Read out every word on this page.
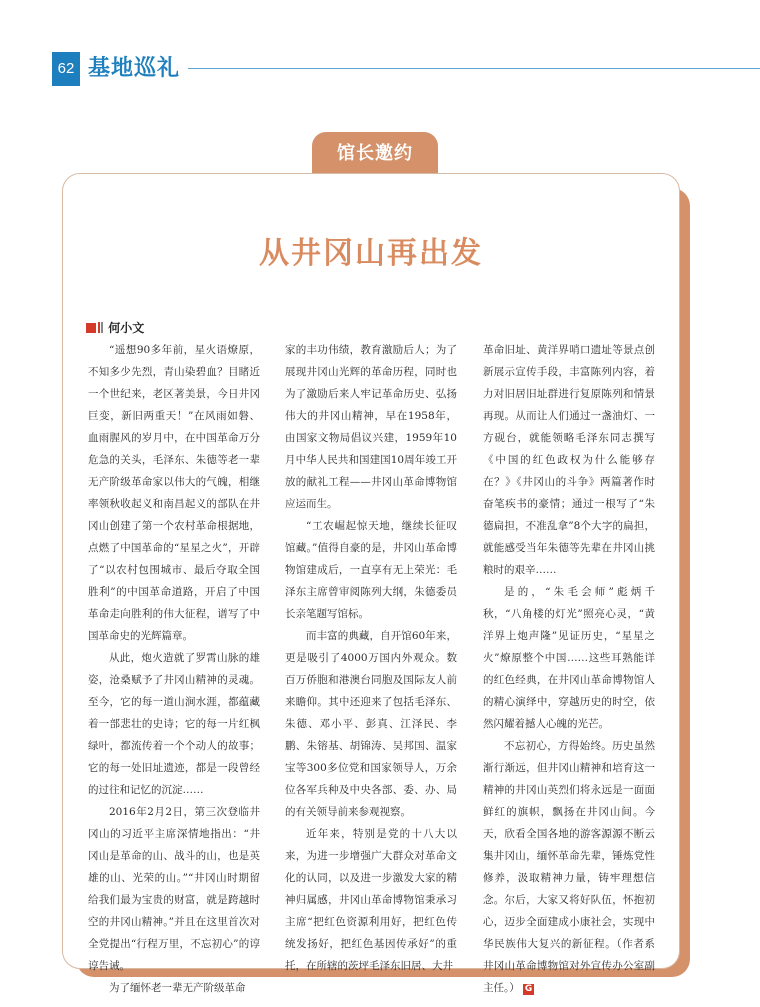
62 基地巡礼
馆长邀约
从井冈山再出发
何小文

“遥想90多年前，星火语燎原，不知多少先烈，青山染碧血？目睹近一个世纪来，老区著美景，今日井冈巨变，新旧两重天！”在风雨如磐、血雨腥风的岁月中，在中国革命万分危急的关头，毛泽东、朱德等老一辈无产阶级革命家以伟大的气魄，相继率领秋收起义和南昌起义的部队在井冈山创建了第一个农村革命根据地，点燃了中国革命的“星星之火”，开辟了“以农村包围城市、最后夺取全国胜利”的中国革命道路，开启了中国革命走向胜利的伟大征程，谱写了中国革命史的光辉篇章。

从此，炮火造就了罗霄山脉的雄姿，沧桑赋予了井冈山精神的灵魂。至今，它的每一道山涧水涯，都蕴藏着一部悲壮的史诗；它的每一片红枫绿叶，都流传着一个个动人的故事；它的每一处旧址遗迹，都是一段曾经的过往和记忆的沉淀……

2016年2月2日，第三次登临井冈山的习近平主席深情地指出：“井冈山是革命的山、战斗的山，也是英雄的山、光荣的山。”“井冈山时期留给我们最为宝贵的财富，就是跨越时空的井冈山精神。”并且在这里首次对全党提出“行程万里，不忘初心”的谆谆告诫。

为了缅怀老一辈无产阶级革命

家的丰功伟绩，教育激励后人；为了展现井冈山光辉的革命历程，同时也为了激励后来人牢记革命历史、弘扬伟大的井冈山精神，早在1958年，由国家文物局倡议兴建，1959年10月中华人民共和国建国10周年竣工开放的献礼工程——井冈山革命博物馆应运而生。

“工农崛起惊天地，继续长征叹馆藏。”值得自豪的是，井冈山革命博物馆建成后，一直享有无上荣光：毛泽东主席曾审阅陈列大纲，朱德委员长亲笔题写馆标。

而丰富的典藏，自开馆60年来，更是吸引了4000万国内外观众。数百万侨胞和港澳台同胞及国际友人前来瞻仰。其中还迎来了包括毛泽东、朱德、邓小平、彭真、江泽民、李鹏、朱镕基、胡锦涛、吴邦国、温家宝等300多位党和国家领导人，万余位各军兵种及中央各部、委、办、局的有关领导前来参观视察。

近年来，特别是党的十八大以来，为进一步增强广大群众对革命文化的认同，以及进一步激发大家的精神归属感，井冈山革命博物馆秉承习主席“把红色资源利用好，把红色传统发扬好，把红色基因传承好”的重托，在所辖的茨坪毛泽东旧居、大井

革命旧址、黄洋界哨口遗址等景点创新展示宣传手段，丰富陈列内容，着力对旧居旧址群进行复原陈列和情景再现。从而让人们通过一盏油灯、一方砚台，就能领略毛泽东同志撰写《中国的红色政权为什么能够存在？》《井冈山的斗争》两篇著作时奋笔疾书的豪情；通过一根写了“朱德扁担，不准乱拿”8个大字的扁担，就能感受当年朱德等先辈在井冈山挑粮时的艰辛……

是的，“朱毛会师”彪炳千秋，“八角楼的灯光”照亮心灵，“黄洋界上炮声隆”见证历史，“星星之火”燎原整个中国……这些耳熟能详的红色经典，在井冈山革命博物馆人的精心演绎中，穿越历史的时空，依然闪耀着撼人心魄的光芒。

不忘初心，方得始终。历史虽然渐行渐远，但井冈山精神和培育这一精神的井冈山英烈们将永远是一面面鲜红的旗帜，飘扬在井冈山间。今天，欣看全国各地的游客源源不断云集井冈山，缅怀革命先辈，锤炼党性修养，汲取精神力量，铸牢理想信念。尔后，大家又将好队伍，怀抱初心，迈步全面建成小康社会，实现中华民族伟大复兴的新征程。（作者系井冈山革命博物馆对外宣传办公室副主任。） G
